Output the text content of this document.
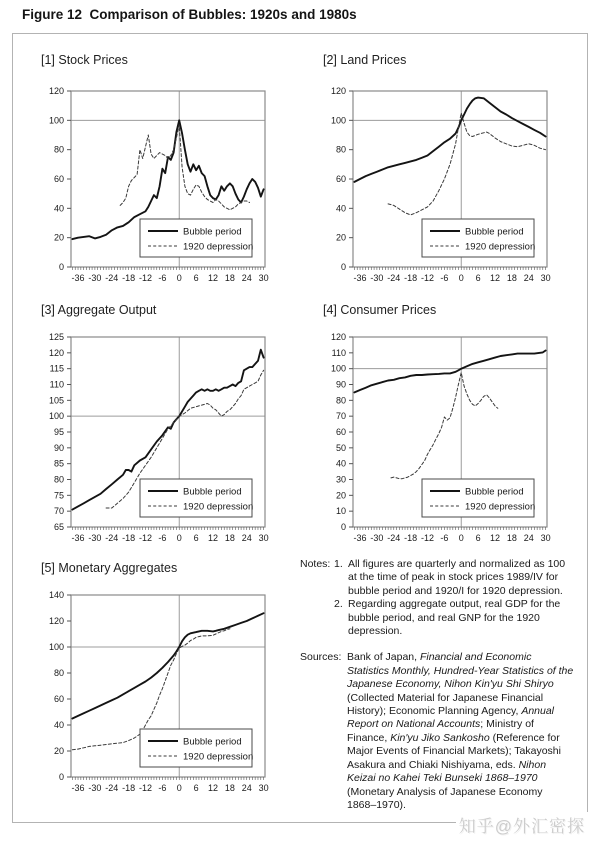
Figure 12  Comparison of Bubbles: 1920s and 1980s
[1] Stock Prices
0
20
40
60
80
100
120
-36 -30 -24 -18 -12 -6 0 6 12 18 24 30
Bubble period
1920 depression
[2] Land Prices
0
20
40
60
80
100
120
-36 -30 -24 -18 -12 -6 0 6 12 18 24 30
Bubble period
1920 depression
[3] Aggregate Output
65
70
75
80
85
90
95
100
105
110
115
120
125
-36 -30 -24 -18 -12 -6 0 6 12 18 24 30
Bubble period
1920 depression
[4] Consumer Prices
0
10
20
30
40
50
60
70
80
90
100
110
120
-36 -30 -24 -18 -12 -6 0 6 12 18 24 30
Bubble period
1920 depression
[5] Monetary Aggregates
0
20
40
60
80
100
120
140
-36 -30 -24 -18 -12 -6 0 6 12 18 24 30
Bubble period
1920 depression
Notes: 1. All figures are quarterly and normalized as 100 at the time of peak in stock prices 1989/IV for bubble period and 1920/I for 1920 depression.
2. Regarding aggregate output, real GDP for the bubble period, and real GNP for the 1920 depression.
Sources: Bank of Japan, Financial and Economic Statistics Monthly, Hundred-Year Statistics of the Japanese Economy, Nihon Kin'yu Shi Shiryo (Collected Material for Japanese Financial History); Economic Planning Agency, Annual Report on National Accounts; Ministry of Finance, Kin'yu Jiko Sankosho (Reference for Major Events of Financial Markets); Takayoshi Asakura and Chiaki Nishiyama, eds. Nihon Keizai no Kahei Teki Bunseki 1868–1970 (Monetary Analysis of Japanese Economy 1868–1970).
知乎@外汇密探
